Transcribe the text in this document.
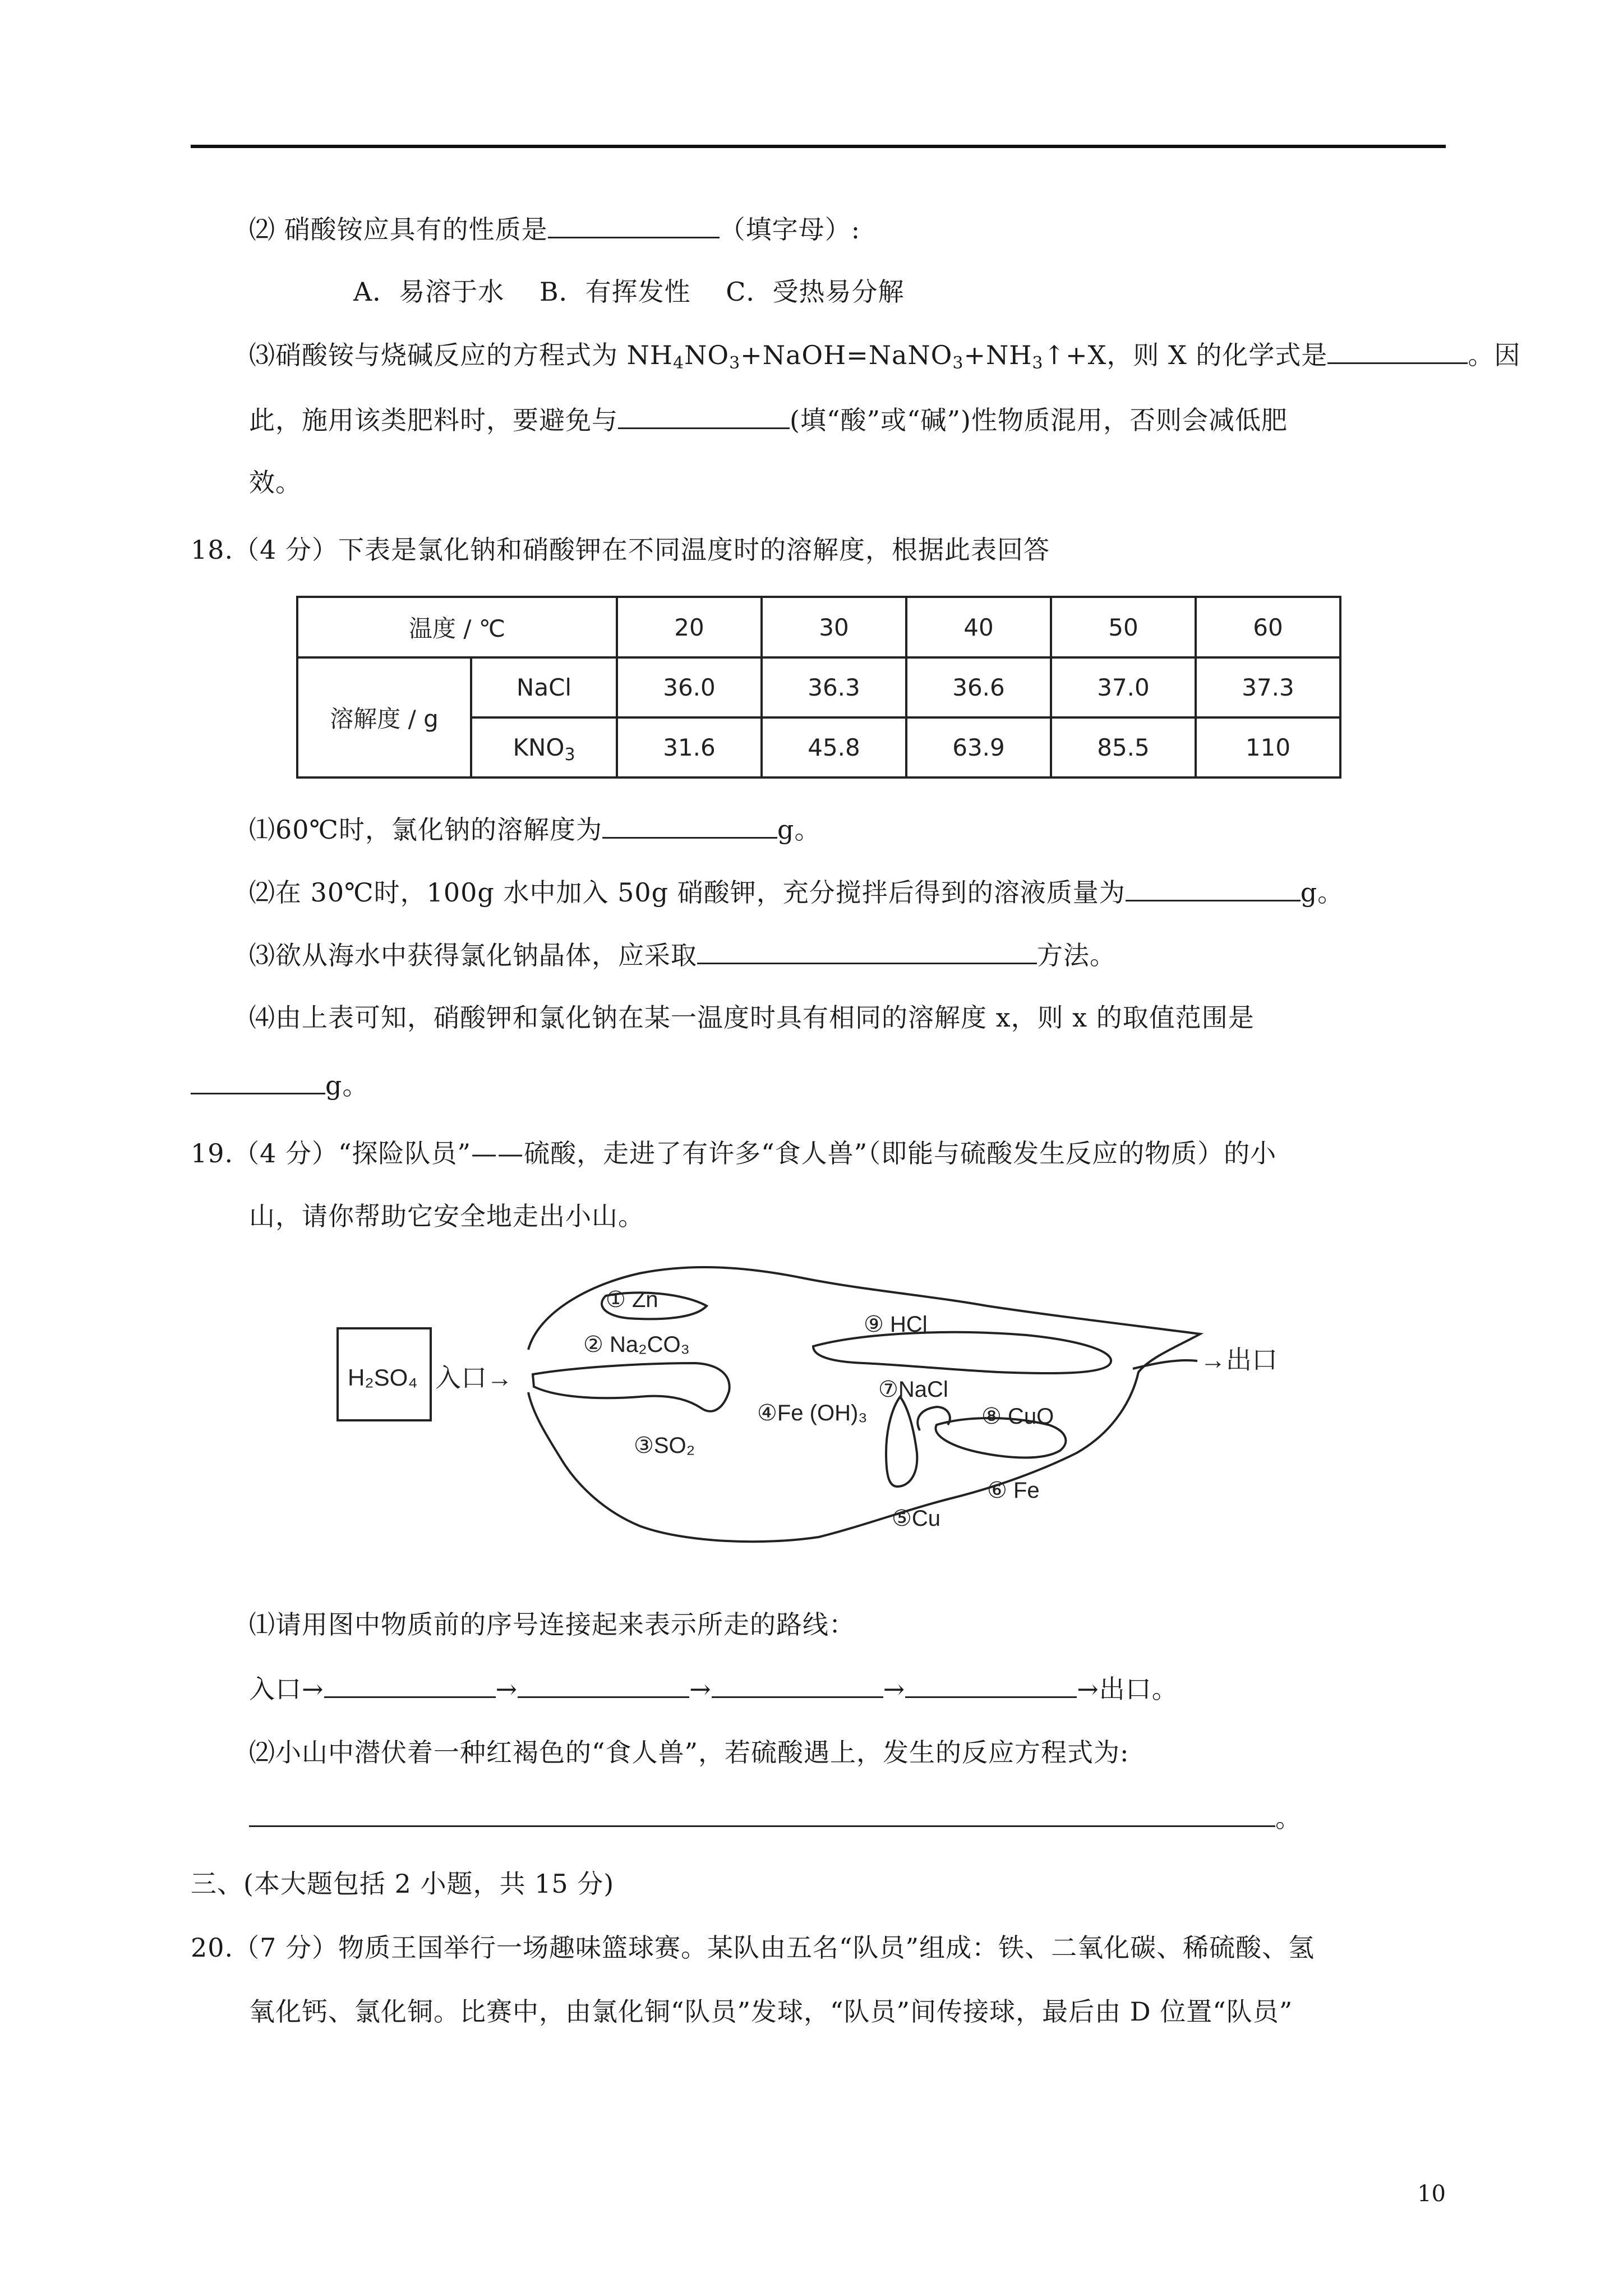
⑵ 硝酸铵应具有的性质是	（填字母）:
A．易溶于水　 B．有挥发性　 C．受热易分解
⑶硝酸铵与烧碱反应的方程式为 $NH_4NO_3+NaOH=NaNO_3+NH_3↑+X$，则 X 的化学式是	。因
此，施用该类肥料时，要避免与	(填“酸”或“碱”)性物质混用，否则会减低肥
效。
18.（4 分）下表是氯化钠和硝酸钾在不同温度时的溶解度，根据此表回答
温度 / ℃		20	30	40	50	60
溶解度 / g	NaCl	36.0	36.3	36.6	37.0	37.3
	$KNO_3$	31.6	45.8	63.9	85.5	110
⑴60℃时，氯化钠的溶解度为	g。
⑵在 30℃时，100g 水中加入 50g 硝酸钾，充分搅拌后得到的溶液质量为	g。
⑶欲从海水中获得氯化钠晶体，应采取	方法。
⑷由上表可知，硝酸钾和氯化钠在某一温度时具有相同的溶解度 x，则 x 的取值范围是
g。
19.（4 分）“探险队员”——硫酸，走进了有许多“食人兽”（即能与硫酸发生反应的物质）的小
山，请你帮助它安全地走出小山。
H₂SO₄ 入口→
→出口
① Zn
② Na₂CO₃
③SO₂
④Fe (OH)₃
⑤Cu
⑥ Fe
⑦NaCl
⑧ CuO
⑨ HCl
⑴请用图中物质前的序号连接起来表示所走的路线：
入口→	→	→	→	→出口。
⑵小山中潜伏着一种红褐色的“食人兽”，若硫酸遇上，发生的反应方程式为:
。
三、(本大题包括 2 小题，共 15 分)
20.（7 分）物质王国举行一场趣味篮球赛。某队由五名“队员”组成：铁、二氧化碳、稀硫酸、氢
氧化钙、氯化铜。比赛中，由氯化铜“队员”发球，“队员”间传接球，最后由 D 位置“队员”
10
